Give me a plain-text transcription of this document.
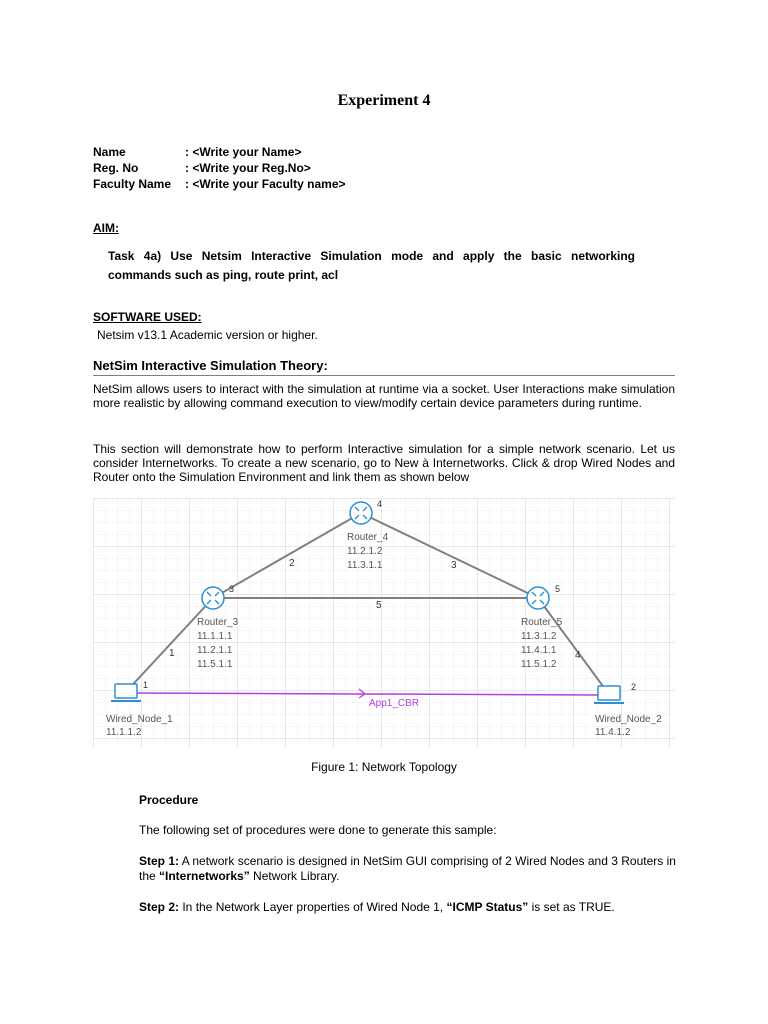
Experiment 4
Name	: <Write your Name>
Reg. No	: <Write your Reg.No>
Faculty Name : <Write your Faculty name>
AIM:
Task 4a) Use Netsim Interactive Simulation mode and apply the basic networking commands such as ping, route print, acl
SOFTWARE USED:
Netsim v13.1 Academic version or higher.
NetSim Interactive Simulation Theory:
NetSim allows users to interact with the simulation at runtime via a socket. User Interactions make simulation more realistic by allowing command execution to view/modify certain device parameters during runtime.
This section will demonstrate how to perform Interactive simulation for a simple network scenario. Let us consider Internetworks. To create a new scenario, go to New à Internetworks. Click & drop Wired Nodes and Router onto the Simulation Environment and link them as shown below
App1_CBR
2	3
5
1	4
4
Router_4
11.2.1.2
11.3.1.1
3
Router_3
11.1.1.1
11.2.1.1
11.5.1.1
5
Router_5
11.3.1.2
11.4.1.1
11.5.1.2
1
Wired_Node_1
11.1.1.2
2
Wired_Node_2
11.4.1.2
Figure 1: Network Topology
Procedure
The following set of procedures were done to generate this sample:
Step 1: A network scenario is designed in NetSim GUI comprising of 2 Wired Nodes and 3 Routers in the “Internetworks” Network Library.
Step 2: In the Network Layer properties of Wired Node 1, “ICMP Status” is set as TRUE.
